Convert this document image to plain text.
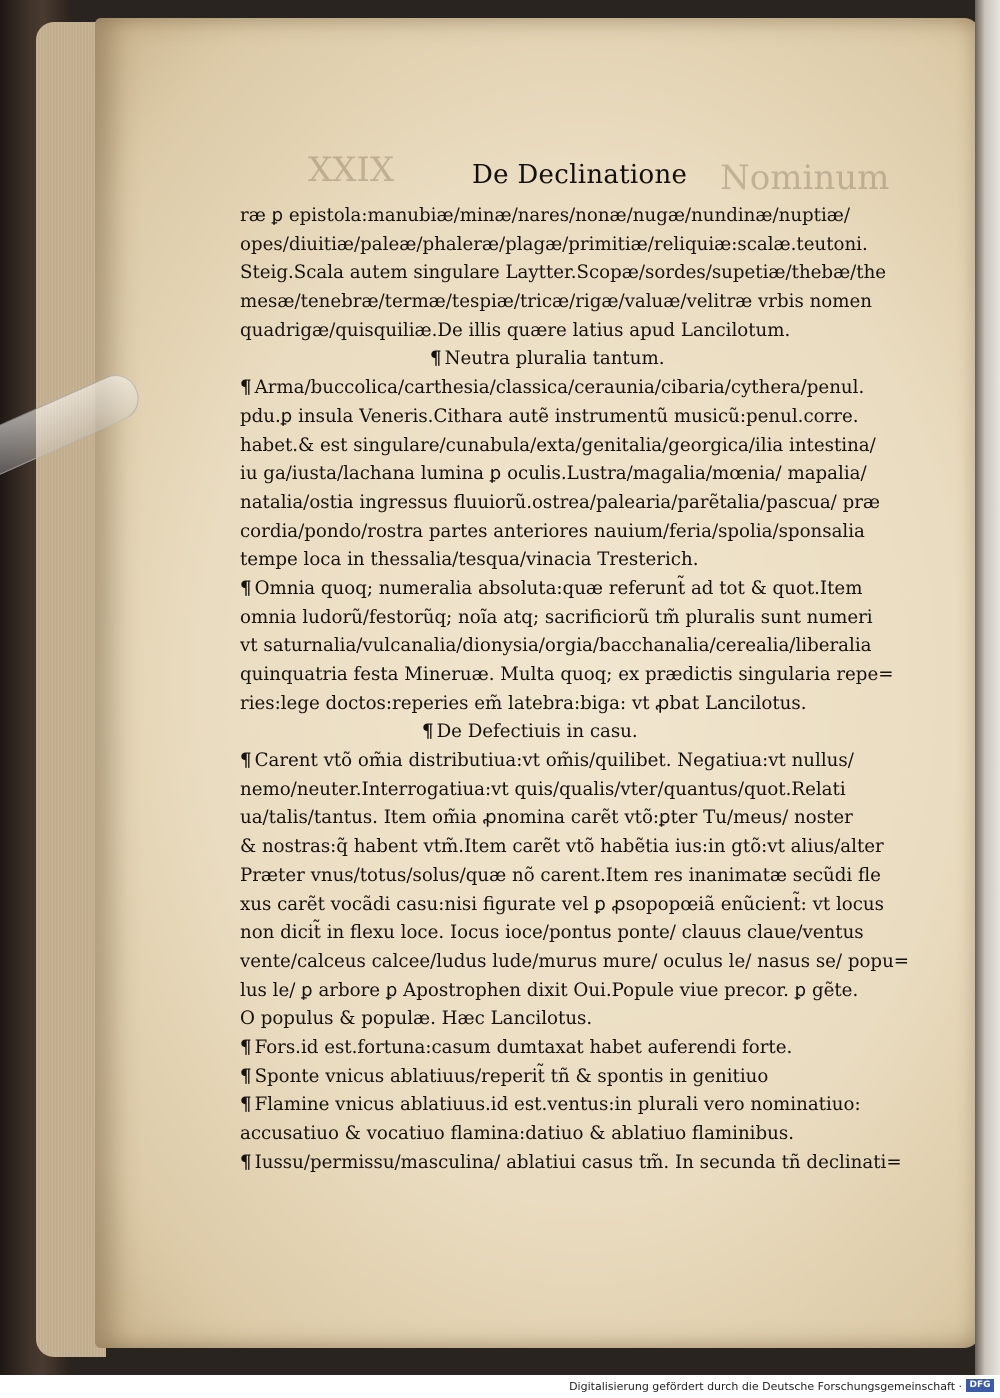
XXIX	Nominum
De Declinatione
ræ ꝑ epistola:manubiæ/minæ/nares/nonæ/nugæ/nundinæ/nuptiæ/
opes/diuitiæ/paleæ/phaleræ/plagæ/primitiæ/reliquiæ:scalæ.teutoni.
Steig.Scala autem singulare Laytter.Scopæ/sordes/supetiæ/thebæ/the
mesæ/tenebræ/termæ/tespiæ/tricæ/rigæ/valuæ/velitræ vrbis nomen
quadrigæ/quisquiliæ.De illis quære latius apud Lancilotum.
¶ Neutra pluralia tantum.
¶ Arma/buccolica/carthesia/classica/ceraunia/cibaria/cythera/penul.
pdu.ꝑ insula Veneris.Cithara autẽ instrumentũ musicũ:penul.corre.
habet.& est singulare/cunabula/exta/genitalia/georgica/ilia intestina/
iu ga/iusta/lachana lumina ꝑ oculis.Lustra/magalia/mœnia/ mapalia/
natalia/ostia ingressus fluuiorũ.ostrea/palearia/parẽtalia/pascua/ præ
cordia/pondo/rostra partes anteriores nauium/feria/spolia/sponsalia
tempe loca in thessalia/tesqua/vinacia Tresterich.
¶ Omnia quoq; numeralia absoluta:quæ referunt̃ ad tot & quot.Item
omnia ludorũ/festorũq; noĩa atq; sacrificiorũ tm̃ pluralis sunt numeri
vt saturnalia/vulcanalia/dionysia/orgia/bacchanalia/cerealia/liberalia
quinquatria festa Mineruæ. Multa quoq; ex prædictis singularia repe=
ries:lege doctos:reperies em̃ latebra:biga: vt ꝓbat Lancilotus.
¶ De Defectiuis in casu.
¶ Carent vtõ om̃ia distributiua:vt om̃is/quilibet. Negatiua:vt nullus/
nemo/neuter.Interrogatiua:vt quis/qualis/vter/quantus/quot.Relati
ua/talis/tantus. Item om̃ia ꝓnomina carẽt vtõ:ꝑter Tu/meus/ noster
& nostras:q̃ habent vtm̃.Item carẽt vtõ habẽtia ius:in gtõ:vt alius/alter
Præter vnus/totus/solus/quæ nõ carent.Item res inanimatæ secũdi fle
xus carẽt vocãdi casu:nisi figurate vel ꝑ ꝓsopopœiã enũcient̃: vt locus
non dicit̃ in flexu loce. Iocus ioce/pontus ponte/ clauus claue/ventus
vente/calceus calcee/ludus lude/murus mure/ oculus le/ nasus se/ popu=
lus le/ ꝑ arbore ꝑ Apostrophen dixit Oui.Popule viue precor. ꝑ gẽte.
O populus & populæ. Hæc Lancilotus.
¶ Fors.id est.fortuna:casum dumtaxat habet auferendi forte.
¶ Sponte vnicus ablatiuus/reperit̃ tñ & spontis in genitiuo
¶ Flamine vnicus ablatiuus.id est.ventus:in plurali vero nominatiuo:
accusatiuo & vocatiuo flamina:datiuo & ablatiuo flaminibus.
¶ Iussu/permissu/masculina/ ablatiui casus tm̃. In secunda tñ declinati=
Digitalisierung gefördert durch die Deutsche Forschungsgemeinschaft · DFG
